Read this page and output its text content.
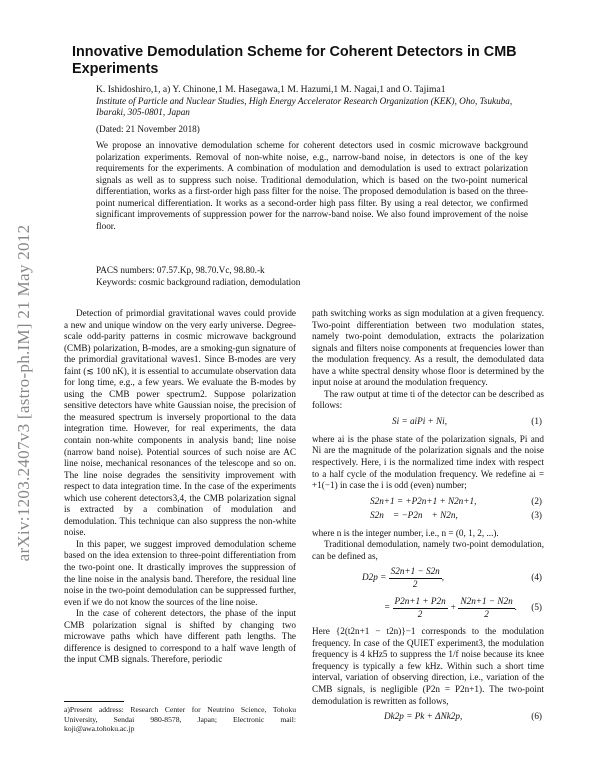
arXiv:1203.2407v3 [astro-ph.IM] 21 May 2012
Innovative Demodulation Scheme for Coherent Detectors in CMB Experiments
K. Ishidoshiro,1, a) Y. Chinone,1 M. Hasegawa,1 M. Hazumi,1 M. Nagai,1 and O. Tajima1
Institute of Particle and Nuclear Studies, High Energy Accelerator Research Organization (KEK), Oho, Tsukuba, Ibaraki, 305-0801, Japan
(Dated: 21 November 2018)
We propose an innovative demodulation scheme for coherent detectors used in cosmic microwave background polarization experiments. Removal of non-white noise, e.g., narrow-band noise, in detectors is one of the key requirements for the experiments. A combination of modulation and demodulation is used to extract polarization signals as well as to suppress such noise. Traditional demodulation, which is based on the two-point numerical differentiation, works as a first-order high pass filter for the noise. The proposed demodulation is based on the three-point numerical differentiation. It works as a second-order high pass filter. By using a real detector, we confirmed significant improvements of suppression power for the narrow-band noise. We also found improvement of the noise floor.
PACS numbers: 07.57.Kp, 98.70.Vc, 98.80.-k
Keywords: cosmic background radiation, demodulation

Detection of primordial gravitational waves could provide a new and unique window on the very early universe. Degree-scale odd-parity patterns in cosmic microwave background (CMB) polarization, B-modes, are a smoking-gun signature of the primordial gravitational waves1. Since B-modes are very faint (≲ 100 nK), it is essential to accumulate observation data for long time, e.g., a few years. We evaluate the B-modes by using the CMB power spectrum2. Suppose polarization sensitive detectors have white Gaussian noise, the precision of the measured spectrum is inversely proportional to the data integration time. However, for real experiments, the data contain non-white components in analysis band; line noise (narrow band noise). Potential sources of such noise are AC line noise, mechanical resonances of the telescope and so on. The line noise degrades the sensitivity improvement with respect to data integration time. In the case of the experiments which use coherent detectors3,4, the CMB polarization signal is extracted by a combination of modulation and demodulation. This technique can also suppress the non-white noise.

In this paper, we suggest improved demodulation scheme based on the idea extension to three-point differentiation from the two-point one. It drastically improves the suppression of the line noise in the analysis band. Therefore, the residual line noise in the two-point demodulation can be suppressed further, even if we do not know the sources of the line noise.

In the case of coherent detectors, the phase of the input CMB polarization signal is shifted by changing two microwave paths which have different path lengths. The difference is designed to correspond to a half wave length of the input CMB signals. Therefore, periodic

path switching works as sign modulation at a given frequency. Two-point differentiation between two modulation states, namely two-point demodulation, extracts the polarization signals and filters noise components at frequencies lower than the modulation frequency. As a result, the demodulated data have a white spectral density whose floor is determined by the input noise at around the modulation frequency.

The raw output at time ti of the detector can be described as follows:

Si = aiPi + Ni,	(1)

where ai is the phase state of the polarization signals, Pi and Ni are the magnitude of the polarization signals and the noise respectively. Here, i is the normalized time index with respect to a half cycle of the modulation frequency. We redefine ai = +1(−1) in case the i is odd (even) number;

S2n+1 = +P2n+1 + N2n+1,	(2)
S2n    = −P2n    + N2n,	(3)

where n is the integer number, i.e., n = (0, 1, 2, ...).

Traditional demodulation, namely two-point demodulation, can be defined as,

$D2p = \frac{S2n+1 - S2n}{2}$ ,	(4)
= $\frac{P2n+1 + P2n}{2} + \frac{N2n+1 - N2n}{2}$ . (5)

Here {2(t2n+1 − t2n)}−1 corresponds to the modulation frequency. In case of the QUIET experiment3, the modulation frequency is 4 kHz5 to suppress the 1/f noise because its knee frequency is typically a few kHz. Within such a short time interval, variation of observing direction, i.e., variation of the CMB signals, is negligible (P2n = P2n+1). The two-point demodulation is rewritten as follows,

Dk2p = Pk + ΔNk2p,	(6)
a)Present address: Research Center for Neutrino Science, Tohoku University, Sendai 980-8578, Japan; Electronic mail: koji@awa.tohoku.ac.jp
